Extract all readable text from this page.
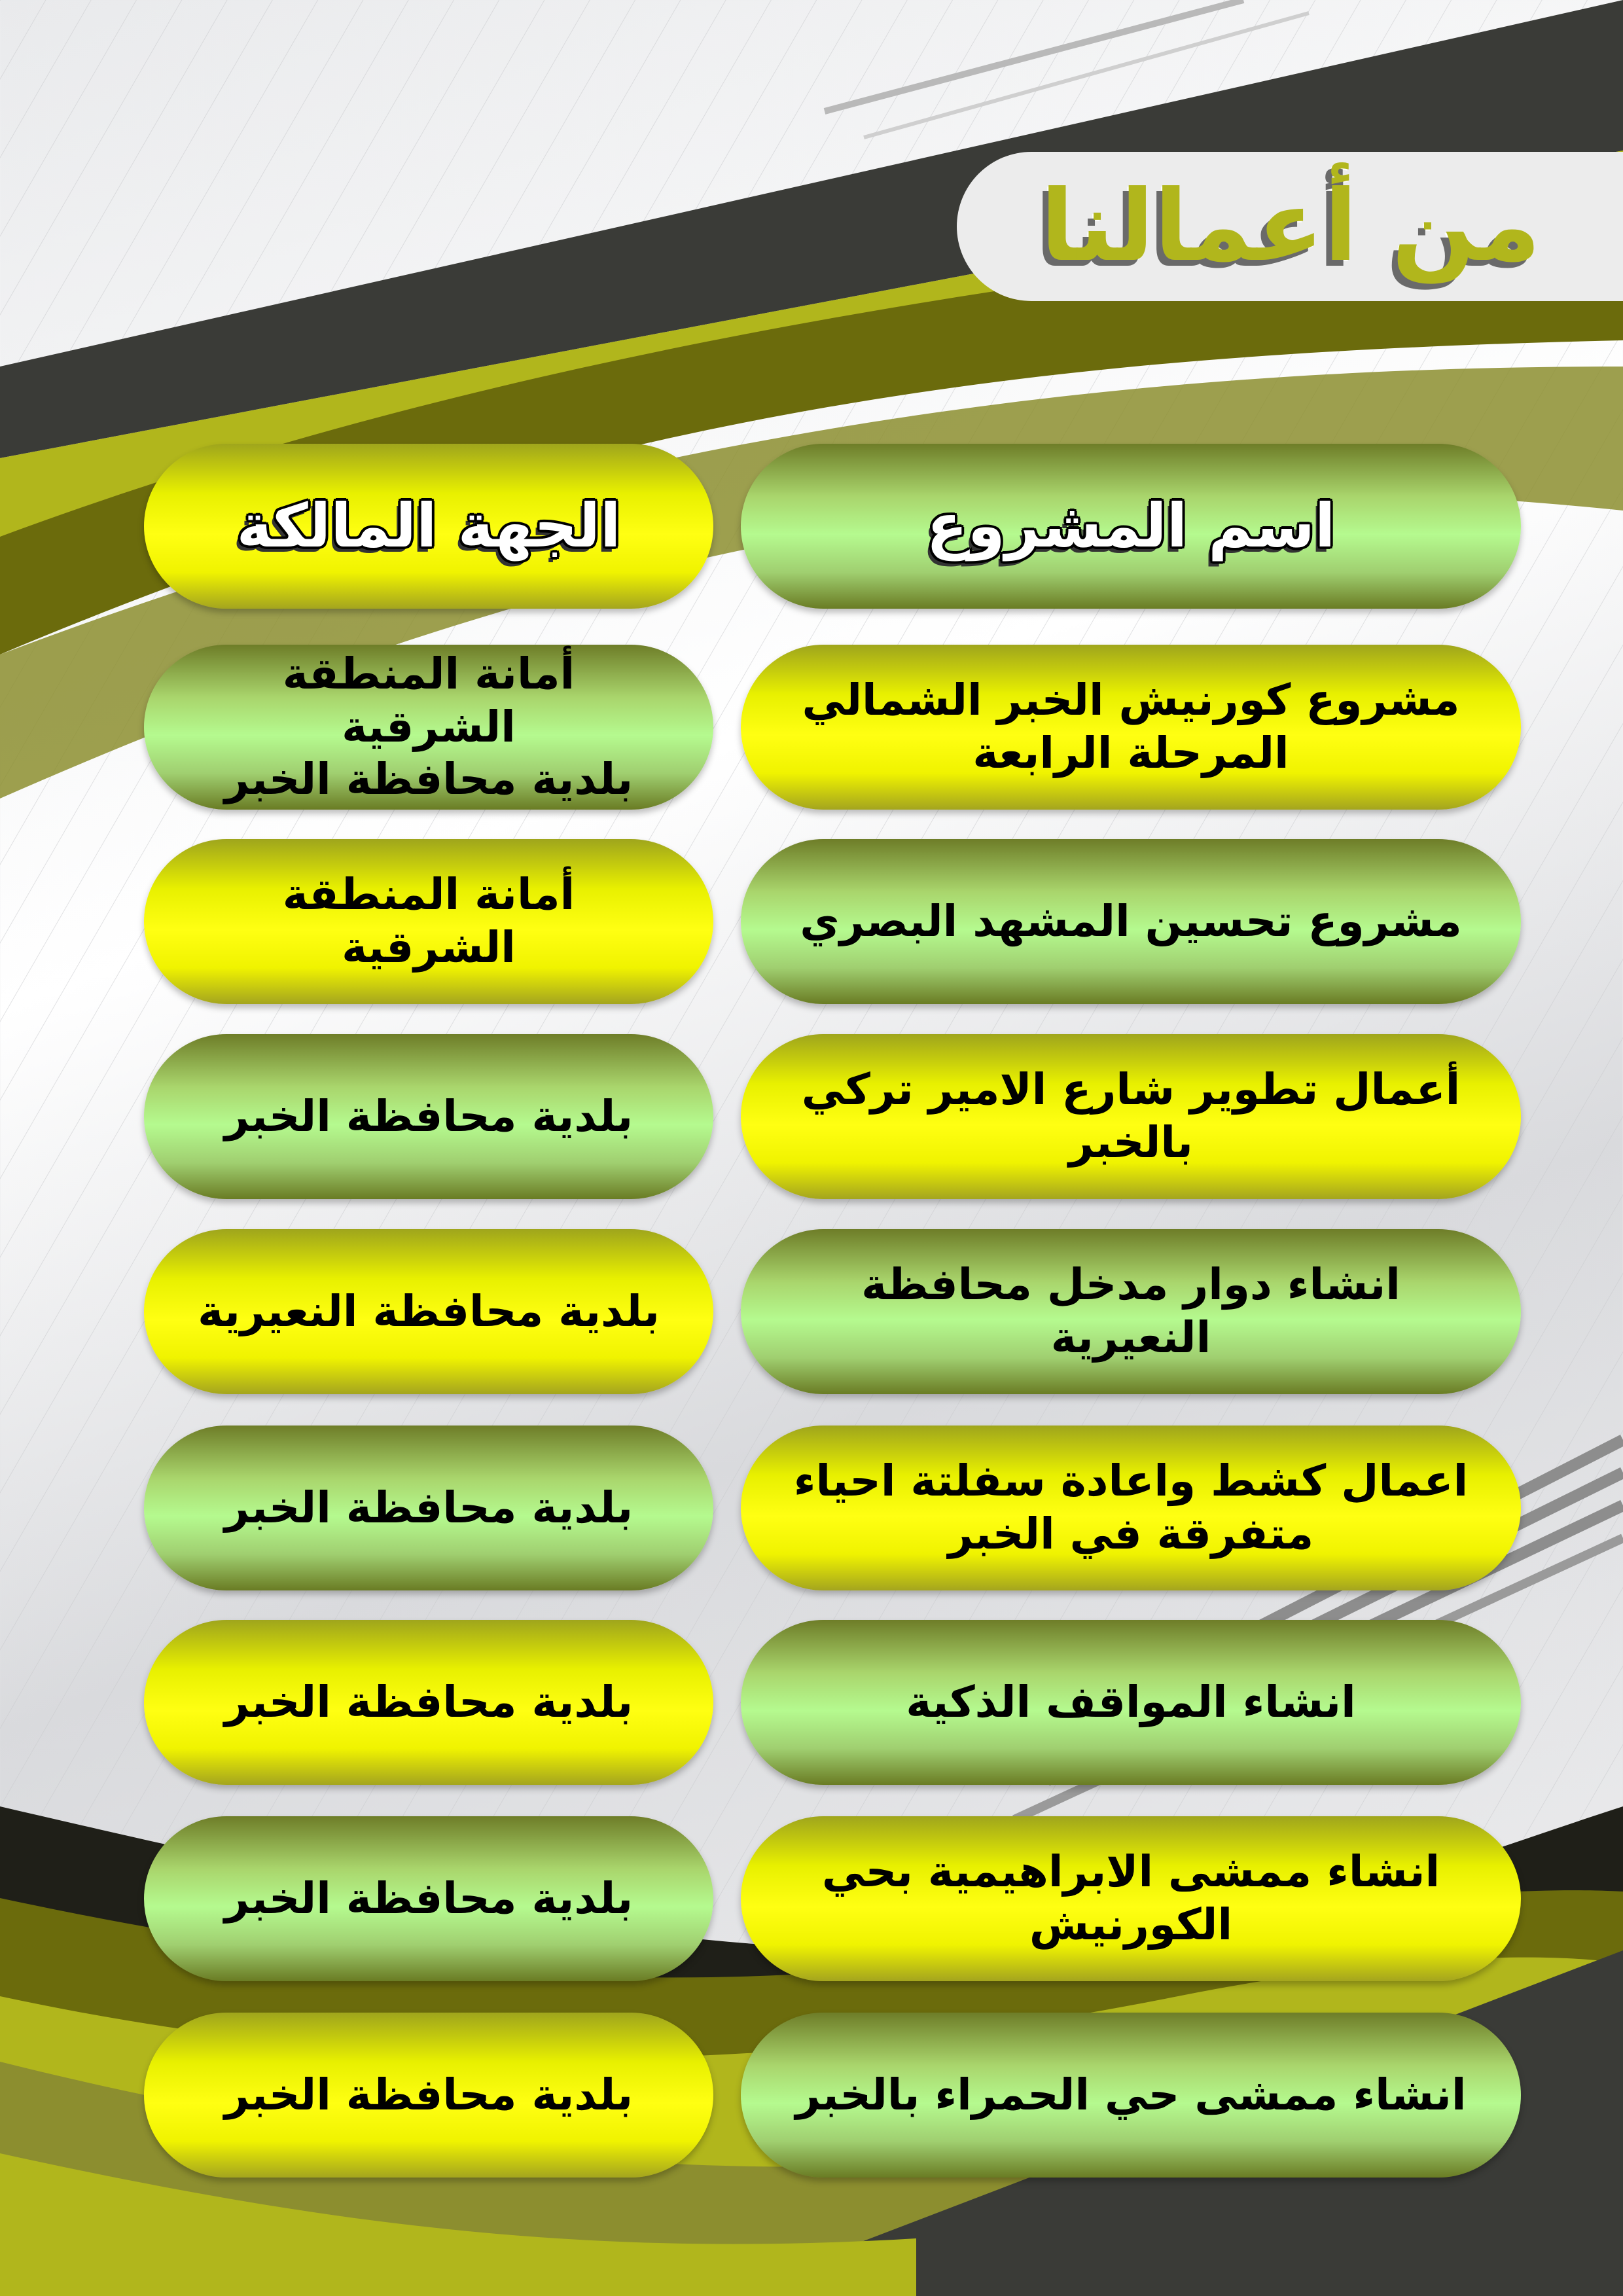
من أعمالنا
اسم المشروع
الجهة المالكة
مشروع كورنيش الخبر الشمالي
المرحلة الرابعة
أمانة المنطقة الشرقية
بلدية محافظة الخبر
مشروع تحسين المشهد البصري
أمانة المنطقة الشرقية
أعمال تطوير شارع الامير تركي
بالخبر
بلدية محافظة الخبر
انشاء دوار مدخل محافظة النعيرية
بلدية محافظة النعيرية
اعمال كشط واعادة سفلتة احياء
متفرقة في الخبر
بلدية محافظة الخبر
انشاء المواقف الذكية
بلدية محافظة الخبر
انشاء ممشى الابراهيمية بحي
الكورنيش
بلدية محافظة الخبر
انشاء ممشى حي الحمراء بالخبر
بلدية محافظة الخبر
